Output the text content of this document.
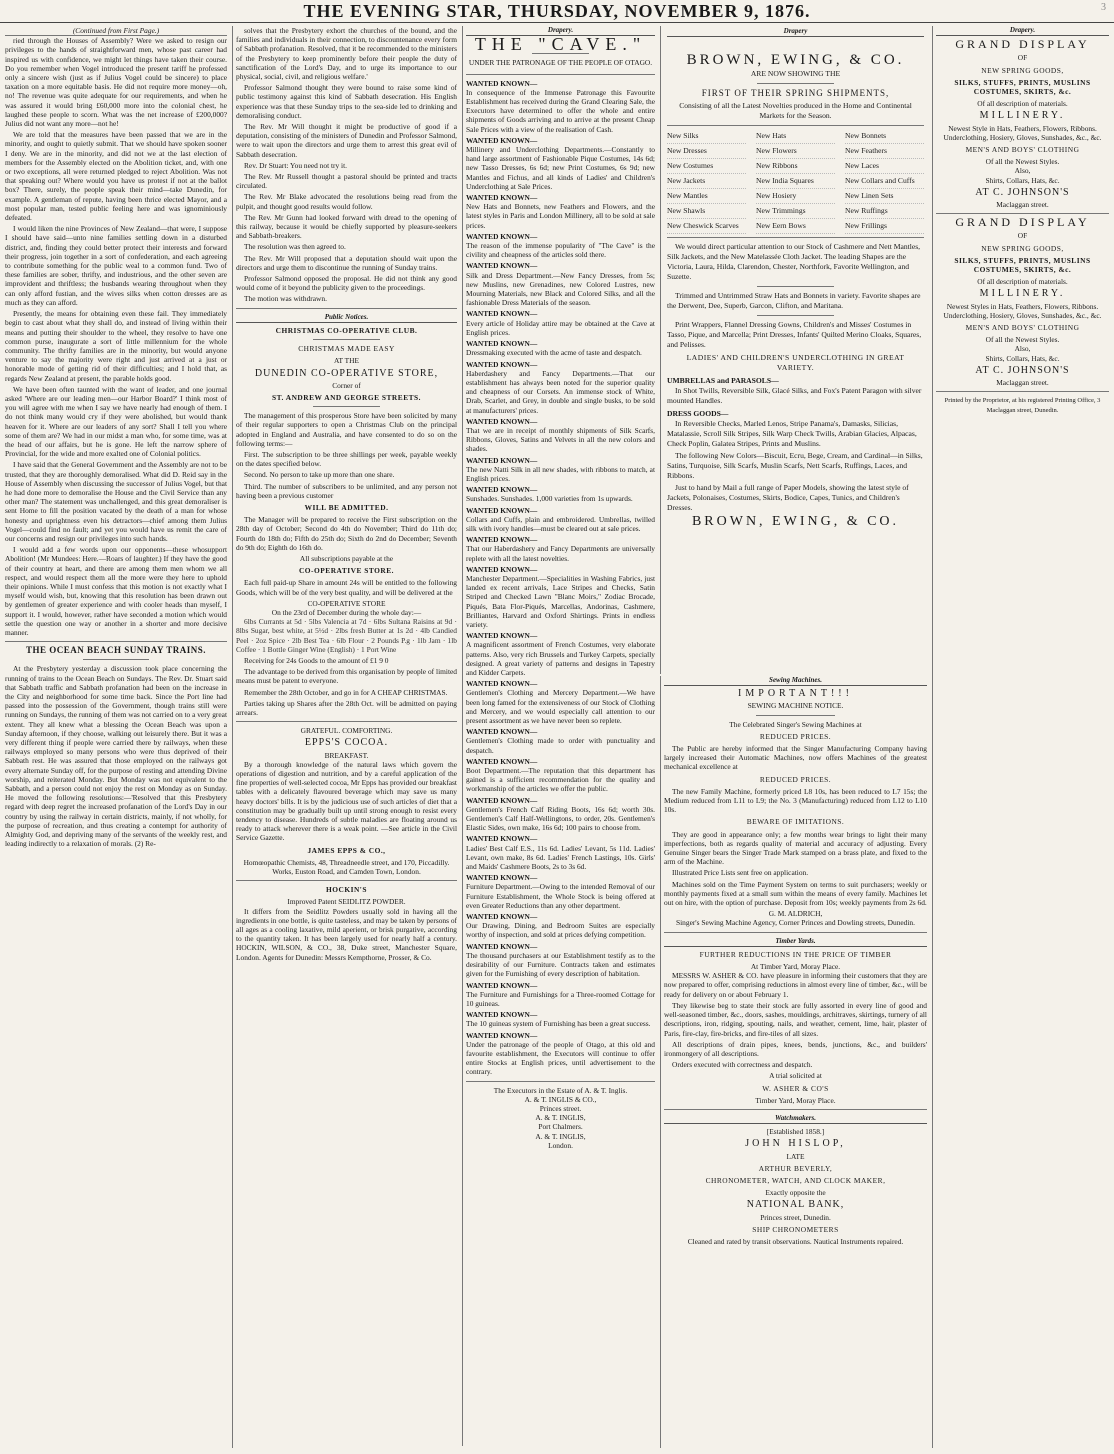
THE EVENING STAR, THURSDAY, NOVEMBER 9, 1876.	3
(Continued from First Page.)

ried through the Houses of Assembly? Were we asked to resign our privileges to the hands of straightforward men, whose past career had inspired us with confidence, we might let things have taken their course. Do you remember when Vogel introduced the present tariff he professed only a sincere wish (just as if Julius Vogel could be sincere) to place taxation on a more equitable basis. He did not require more money—oh, no! The revenue was quite adequate for our requirements, and when he was assured it would bring £60,000 more into the colonial chest, he laughed these people to scorn. What was the net increase of £200,000? Julius did not want any more—not he!

We are told that the measures have been passed that we are in the minority, and ought to quietly submit. That we should have spoken sooner I deny. We are in the minority, and did not we at the last election of members for the Assembly elected on the Abolition ticket, and, with one or two exceptions, all were returned pledged to reject Abolition. Was not that speaking out? Where would you have us protest if not at the ballot box? There, surely, the people speak their mind—take Dunedin, for example. A gentleman of repute, having been thrice elected Mayor, and a most popular man, tested public feeling here and was ignominiously defeated.

I would liken the nine Provinces of New Zealand—that were, I suppose I should have said—unto nine families settling down in a disturbed district, and, finding they could better protect their interests and forward their progress, join together in a sort of confederation, and each agreeing to contribute something for the public weal to a common fund. Two of these families are sober, thrifty, and industrious, and the other seven are improvident and thriftless; the husbands wearing throughout when they can only afford fustian, and the wives silks when cotton dresses are as much as they can afford.

Presently, the means for obtaining even these fail. They immediately begin to cast about what they shall do, and instead of living within their means and putting their shoulder to the wheel, they resolve to have one common purse, inaugurate a sort of little millennium for the whole community. The thrifty families are in the minority, but would anyone venture to say the majority were right and just arrived at a just or honorable mode of getting rid of their difficulties; and I hold that, as regards New Zealand at present, the parable holds good.

We have been often taunted with the want of leader, and one journal asked 'Where are our leading men—our Harbor Board?' I think most of you will agree with me when I say we have nearly had enough of them. I do not think many would cry if they were abolished, but would thank heaven for it. Where are our leaders of any sort? Shall I tell you where some of them are? We had in our midst a man who, for some time, was at the head of our affairs, but he is gone. He left the narrow sphere of Provincial, for the wide and more exalted one of Colonial politics.

I have said that the General Government and the Assembly are not to be trusted, that they are thoroughly demoralised. What did D. Reid say in the House of Assembly when discussing the successor of Julius Vogel, but that he had done more to demoralise the House and the Civil Service than any other man? The statement was unchallenged, and this great demoraliser is sent Home to fill the position vacated by the death of a man for whose honesty and uprightness even his detractors—chief among them Julius Vogel—could find no fault; and yet you would have us remit the care of our concerns and resign our privileges into such hands.

I would add a few words upon our opponents—these whosupport Abolition! (Mr Mundees: Here.—Roars of laughter.) If they have the good of their country at heart, and there are among them men whom we all respect, and would respect them all the more were they here to uphold their opinions. While I must confess that this motion is not exactly what I myself would wish, but, knowing that this resolution has been drawn out by gentlemen of greater experience and with cooler heads than myself, I support it. I would, however, rather have seconded a motion which would settle the question one way or another in a shorter and more decisive manner.

THE OCEAN BEACH SUNDAY TRAINS.

At the Presbytery yesterday a discussion took place concerning the running of trains to the Ocean Beach on Sundays. The Rev. Dr. Stuart said that Sabbath traffic and Sabbath profanation had been on the increase in the City and neighborhood for some time back. Since the Port line had passed into the possession of the Government, though trains still were running on Sundays, the running of them was not carried on to a very great extent. They all knew what a blessing the Ocean Beach was upon a Sunday afternoon, if they choose, walking out leisurely there. But it was a very different thing if people were carried there by railways, when these railways employed so many persons who were thus deprived of their Sabbath rest. He was assured that those employed on the railways got every alternate Sunday off, for the purpose of resting and attending Divine worship, and reiterated Monday. But Monday was not equivalent to the Sabbath, and a person could not enjoy the rest on Monday as on Sunday. He moved the following resolutions:—'Resolved that this Presbytery regard with deep regret the increased profanation of the Lord's Day in our country by using the railway in certain districts, mainly, if not wholly, for the purpose of recreation, and thus creating a contempt for authority of Almighty God, and depriving many of the servants of the weekly rest, and leading indirectly to a relaxation of morals. (2) Re-

solves that the Presbytery exhort the churches of the bound, and the families and individuals in their connection, to discountenance every form of Sabbath profanation. Resolved, that it be recommended to the ministers of the Presbytery to keep prominently before their people the duty of sanctification of the Lord's Day, and to urge its importance to our physical, social, civil, and religious welfare.'

Professor Salmond thought they were bound to raise some kind of public testimony against this kind of Sabbath desecration. His English experience was that these Sunday trips to the sea-side led to drinking and demoralising conduct.

The Rev. Mr Will thought it might be productive of good if a deputation, consisting of the ministers of Dunedin and Professor Salmond, were to wait upon the directors and urge them to arrest this great evil of Sabbath desecration.

Rev. Dr Stuart: You need not try it.

The Rev. Mr Russell thought a pastoral should be printed and tracts circulated.

The Rev. Mr Blake advocated the resolutions being read from the pulpit, and thought good results would follow.

The Rev. Mr Gunn had looked forward with dread to the opening of this railway, because it would be chiefly supported by pleasure-seekers and Sabbath-breakers.

The resolution was then agreed to.

The Rev. Mr Will proposed that a deputation should wait upon the directors and urge them to discontinue the running of Sunday trains.

Professor Salmond opposed the proposal. He did not think any good would come of it beyond the publicity given to the proceedings.

The motion was withdrawn.

Public Notices.
CHRISTMAS CO-OPERATIVE CLUB.
CHRISTMAS MADE EASY
AT THE
DUNEDIN CO-OPERATIVE STORE,
Corner of
ST. ANDREW AND GEORGE STREETS.

The management of this prosperous Store have been solicited by many of their regular supporters to open a Christmas Club on the principal adopted in England and Australia, and have consented to do so on the following terms:—

First. The subscription to be three shillings per week, payable weekly on the dates specified below.

Second. No person to take up more than one share.

Third. The number of subscribers to be unlimited, and any person not having been a previous customer

WILL BE ADMITTED.

The Manager will be prepared to receive the First subscription on the 28th day of October; Second do 4th do November; Third do 11th do; Fourth do 18th do; Fifth do 25th do; Sixth do 2nd do December; Seventh do 9th do; Eighth do 16th do.

All subscriptions payable at the
CO-OPERATIVE STORE.

Each full paid-up Share in amount 24s will be entitled to the following Goods, which will be of the very best quality, and will be delivered at the

CO-OPERATIVE STORE
On the 23rd of December during the whole day:—

6lbs Currants at 5d · 5lbs Valencia at 7d · 6lbs Sultana Raisins at 9d · 8lbs Sugar, best white, at 5½d · 2lbs fresh Butter at 1s 2d · 4lb Candied Peel · 2oz Spice · 2lb Best Tea · 6lb Flour · 2 Pounds P.g · 1lb Jam · 1lb Coffee · 1 Bottle Ginger Wine (English) · 1 Port Wine

Receiving for 24s Goods to the amount of £1 9 0

The advantage to be derived from this organisation by people of limited means must be patent to everyone.

Remember the 28th October, and go in for A CHEAP CHRISTMAS.

Parties taking up Shares after the 28th Oct. will be admitted on paying arrears.

GRATEFUL. COMFORTING.
EPPS'S COCOA.
BREAKFAST.

By a thorough knowledge of the natural laws which govern the operations of digestion and nutrition, and by a careful application of the fine properties of well-selected cocoa, Mr Epps has provided our breakfast tables with a delicately flavoured beverage which may save us many heavy doctors' bills. It is by the judicious use of such articles of diet that a constitution may be gradually built up until strong enough to resist every tendency to disease. Hundreds of subtle maladies are floating around us ready to attack wherever there is a weak point. —See article in the Civil Service Gazette.

JAMES EPPS & CO.,
Homœopathic Chemists, 48, Threadneedle street, and 170, Piccadilly. Works, Euston Road, and Camden Town, London.
HOCKIN'S
Improved Patent SEIDLITZ POWDER.

It differs from the Seidlitz Powders usually sold in having all the ingredients in one bottle, is quite tasteless, and may be taken by persons of all ages as a cooling laxative, mild aperient, or brisk purgative, according to the quantity taken. It has been largely used for nearly half a century. HOCKIN, WILSON, & CO., 38, Duke street, Manchester Square, London. Agents for Dunedin: Messrs Kempthorne, Prosser, & Co.

Drapery.
THE "CAVE."
UNDER THE PATRONAGE OF THE PEOPLE OF OTAGO.
WANTED KNOWN—
In consequence of the Immense Patronage this Favourite Establishment has received during the Grand Clearing Sale, the Executors have determined to offer the whole and entire shipments of Goods arriving and to arrive at the present Cheap Sale Prices with a view of the realisation of Cash.
WANTED KNOWN—
Millinery and Underclothing Departments.—Constantly to hand large assortment of Fashionable Pique Costumes, 14s 6d; new Tasso Dresses, 6s 6d; new Print Costumes, 6s 9d; new Mantles and Fichus, and all kinds of Ladies' and Children's Underclothing at Sale Prices.
WANTED KNOWN—
New Hats and Bonnets, new Feathers and Flowers, and the latest styles in Paris and London Millinery, all to be sold at sale prices.
WANTED KNOWN—
The reason of the immense popularity of "The Cave" is the civility and cheapness of the articles sold there.
WANTED KNOWN—
Silk and Dress Department.—New Fancy Dresses, from 5s; new Muslins, new Grenadines, new Colored Lustres, new Mourning Materials, new Black and Colored Silks, and all the fashionable Dress Materials of the season.
WANTED KNOWN—
Every article of Holiday attire may be obtained at the Cave at English prices.
WANTED KNOWN—
Dressmaking executed with the acme of taste and despatch.
WANTED KNOWN—
Haberdashery and Fancy Departments.—That our establishment has always been noted for the superior quality and cheapness of our Corsets. An immense stock of White, Drab, Scarlet, and Grey, in double and single busks, to be sold at manufacturers' prices.
WANTED KNOWN—
That we are in receipt of monthly shipments of Silk Scarfs, Ribbons, Gloves, Satins and Velvets in all the new colors and shades.
WANTED KNOWN—
The new Natti Silk in all new shades, with ribbons to match, at English prices.
WANTED KNOWN—
Sunshades. Sunshades. 1,000 varieties from 1s upwards.
WANTED KNOWN—
Collars and Cuffs, plain and embroidered. Umbrellas, twilled silk with ivory handles—must be cleared out at sale prices.
WANTED KNOWN—
That our Haberdashery and Fancy Departments are universally replete with all the latest novelties.
WANTED KNOWN—
Manchester Department.—Specialities in Washing Fabrics, just landed ex recent arrivals, Lace Stripes and Checks, Satin Striped and Checked Lawn "Blanc Moirs," Zodiac Brocade, Piqués, Bata Flor-Piqués, Marcellas, Andorinas, Cashmere, Brilliantes, Harvard and Oxford Shirtings. Prints in endless variety.
WANTED KNOWN—
A magnificent assortment of French Costumes, very elaborate patterns. Also, very rich Brussels and Turkey Carpets, specially designed. A great variety of patterns and designs in Tapestry and Kidder Carpets.
WANTED KNOWN—
Gentlemen's Clothing and Mercery Department.—We have been long famed for the extensiveness of our Stock of Clothing and Mercery, and we would especially call attention to our present assortment as we have never been so replete.
WANTED KNOWN—
Gentlemen's Clothing made to order with punctuality and despatch.
WANTED KNOWN—
Boot Department.—The reputation that this department has gained is a sufficient recommendation for the quality and workmanship of the articles we offer the public.
WANTED KNOWN—
Gentlemen's French Calf Riding Boots, 16s 6d; worth 30s. Gentlemen's Calf Half-Wellingtons, to order, 20s. Gentlemen's Elastic Sides, own make, 16s 6d; 100 pairs to choose from.
WANTED KNOWN—
Ladies' Best Calf E.S., 11s 6d. Ladies' Levant, 5s 11d. Ladies' Levant, own make, 8s 6d. Ladies' French Lastings, 10s. Girls' and Maids' Cashmere Boots, 2s to 3s 6d.
WANTED KNOWN—
Furniture Department.—Owing to the intended Removal of our Furniture Establishment, the Whole Stock is being offered at even Greater Reductions than any other department.
WANTED KNOWN—
Our Drawing, Dining, and Bedroom Suites are especially worthy of inspection, and sold at prices defying competition.
WANTED KNOWN—
The thousand purchasers at our Establishment testify as to the desirability of our Furniture. Contracts taken and estimates given for the Furnishing of every description of habitation.
WANTED KNOWN—
The Furniture and Furnishings for a Three-roomed Cottage for 10 guineas.
WANTED KNOWN—
The 10 guineas system of Furnishing has been a great success.
WANTED KNOWN—
Under the patronage of the people of Otago, at this old and favourite establishment, the Executors will continue to offer entire Stocks at English prices, until advertisement to the contrary.
The Executors in the Estate of A. & T. Inglis.
A. & T. INGLIS & CO.,
Princes street.
A. & T. INGLIS,
Port Chalmers.
A. & T. INGLIS,
London.
Drapery
BROWN, EWING, & CO.
ARE NOW SHOWING THE
FIRST OF THEIR SPRING SHIPMENTS,
Consisting of all the Latest Novelties produced in the Home and Continental Markets for the Season.
New Silks	New Hats	New Bonnets
New Dresses	New Flowers	New Feathers
New Costumes	New Ribbons	New Laces
New Jackets	New India Squares	New Collars and Cuffs
New Mantles	New Hosiery	New Linen Sets
New Shawls	New Trimmings	New Ruffings
New Cheswick Scarves	New Eern Bows	New Frillings

We would direct particular attention to our Stock of Cashmere and Nett Mantles, Silk Jackets, and the New Matelassée Cloth Jacket. The leading Shapes are the Victoria, Laura, Hilda, Clarendon, Chester, Northfork, Favorite Wellington, and Suzette.

Trimmed and Untrimmed Straw Hats and Bonnets in variety. Favorite shapes are the Derwent, Dee, Superb, Garcon, Clifton, and Maritana.

Print Wrappers, Flannel Dressing Gowns, Children's and Misses' Costumes in Tasso, Pique, and Marcella; Print Dresses, Infants' Quilted Merino Cloaks, Squares, and Pelisses.

LADIES' AND CHILDREN'S UNDERCLOTHING IN GREAT VARIETY.
UMBRELLAS and PARASOLS—

In Shot Twills, Reversible Silk, Glacé Silks, and Fox's Patent Paragon with silver mounted Handles.

DRESS GOODS—

In Reversible Checks, Marled Lenos, Stripe Panama's, Damasks, Silicias, Matalassie, Scroll Silk Stripes, Silk Warp Check Twills, Arabian Glacies, Alpacas, Check Poplin, Galatea Stripes, Prints and Muslins.

The following New Colors—Biscuit, Ecru, Bege, Cream, and Cardinal—in Silks, Satins, Turquoise, Silk Scarfs, Muslin Scarfs, Nett Scarfs, Ruffings, Laces, and Ribbons.

Just to hand by Mail a full range of Paper Models, showing the latest style of Jackets, Polonaises, Costumes, Skirts, Bodice, Capes, Tunics, and Children's Dresses.

BROWN, EWING, & CO.
Sewing Machines.
IMPORTANT!!!
SEWING MACHINE NOTICE.
The Celebrated Singer's Sewing Machines at
REDUCED PRICES.

The Public are hereby informed that the Singer Manufacturing Company having largely increased their Automatic Machines, now offers Machines of the greatest mechanical excellence at

REDUCED PRICES.

The new Family Machine, formerly priced L8 10s, has been reduced to L7 15s; the Medium reduced from L11 to L9; the No. 3 (Manufacturing) reduced from L12 to L10 10s.

BEWARE OF IMITATIONS.

They are good in appearance only; a few months wear brings to light their many imperfections, both as regards quality of material and accuracy of adjusting. Every Genuine Singer bears the Singer Trade Mark stamped on a brass plate, and fixed to the arm of the Machine.

Illustrated Price Lists sent free on application.

Machines sold on the Time Payment System on terms to suit purchasers; weekly or monthly payments fixed at a small sum within the means of every family. Machines let out on hire, with the option of purchase. Deposit from 10s; weekly payments from 2s 6d.

G. M. ALDRICH,
Singer's Sewing Machine Agency, Corner Princes and Dowling streets, Dunedin.
Timber Yards.
FURTHER REDUCTIONS IN THE PRICE OF TIMBER
At Timber Yard, Moray Place.

MESSRS W. ASHER & CO. have pleasure in informing their customers that they are now prepared to offer, comprising reductions in almost every line of timber, &c., will be ready for delivery on or about February 1.

They likewise beg to state their stock are fully assorted in every line of good and well-seasoned timber, &c., doors, sashes, mouldings, architraves, skirtings, turnery of all descriptions, iron, ridging, spouting, nails, and weather, cement, lime, hair, plaster of Paris, fire-clay, fire-bricks, and fire-tiles of all sizes.

All descriptions of drain pipes, knees, bends, junctions, &c., and builders' ironmongery of all descriptions.

Orders executed with correctness and despatch.

A trial solicited at
W. ASHER & CO'S
Timber Yard, Moray Place.
Watchmakers.
[Established 1858.]
JOHN HISLOP,
LATE
ARTHUR BEVERLY,
CHRONOMETER, WATCH, AND CLOCK MAKER,
Exactly opposite the
NATIONAL BANK,
Princes street, Dunedin.
SHIP CHRONOMETERS
Cleaned and rated by transit observations. Nautical Instruments repaired.
Drapery.
GRAND DISPLAY
OF
NEW SPRING GOODS,
SILKS, STUFFS, PRINTS, MUSLINS COSTUMES, SKIRTS, &c.
Of all description of materials.
MILLINERY.
Newest Style in Hats, Feathers, Flowers, Ribbons.
Underclothing, Hosiery, Gloves, Sunshades, &c., &c.
MEN'S AND BOYS' CLOTHING
Of all the Newest Styles.
Also,
Shirts, Collars, Hats, &c.
AT C. JOHNSON'S
Maclaggan street.
GRAND DISPLAY
OF
NEW SPRING GOODS,
SILKS, STUFFS, PRINTS, MUSLINS COSTUMES, SKIRTS, &c.
Of all description of materials.
MILLINERY.
Newest Styles in Hats, Feathers, Flowers, Ribbons.
Underclothing, Hosiery, Gloves, Sunshades, &c., &c.
MEN'S AND BOYS' CLOTHING
Of all the Newest Styles.
Also,
Shirts, Collars, Hats, &c.
AT C. JOHNSON'S
Maclaggan street.
Printed by the Proprietor, at his registered Printing Office, 3 Maclaggan street, Dunedin.
